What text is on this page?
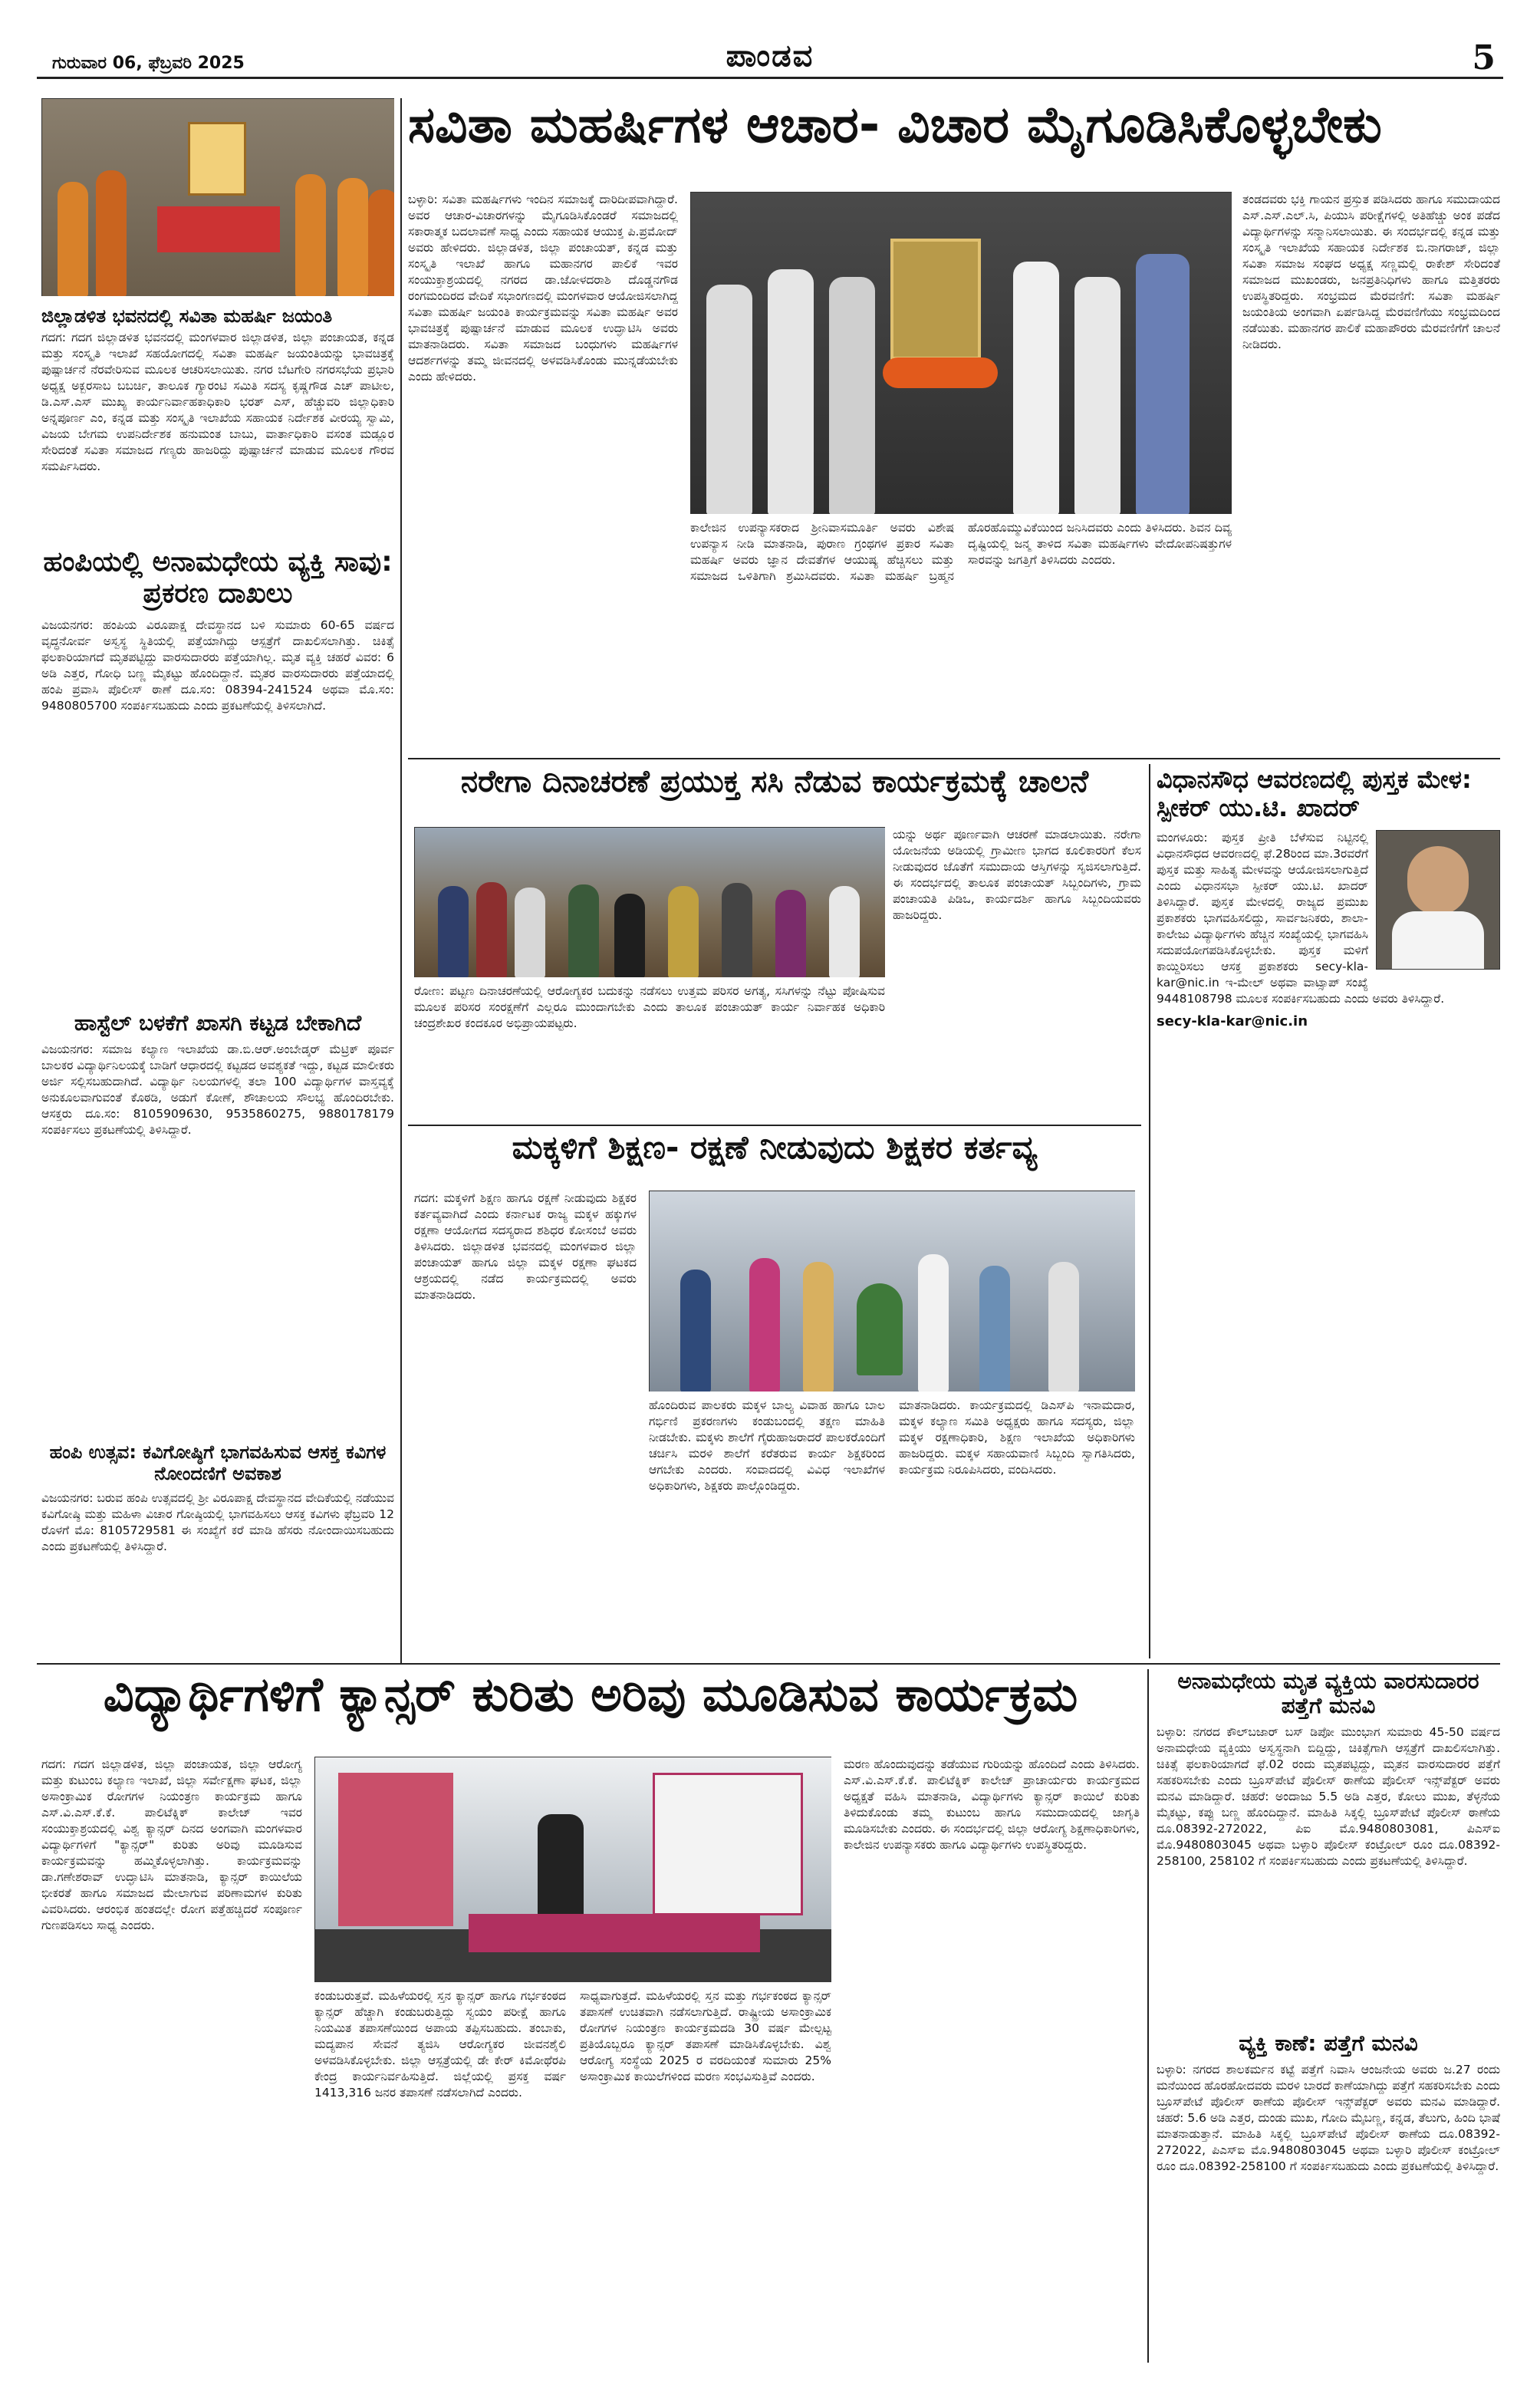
ಗುರುವಾರ 06, ಫೆಬ್ರವರಿ 2025	ಪಾಂಡವ	5
ಜಿಲ್ಲಾಡಳಿತ ಭವನದಲ್ಲಿ ಸವಿತಾ ಮಹರ್ಷಿ ಜಯಂತಿ

ಗದಗ: ಗದಗ ಜಿಲ್ಲಾಡಳಿತ ಭವನದಲ್ಲಿ ಮಂಗಳವಾರ ಜಿಲ್ಲಾಡಳಿತ, ಜಿಲ್ಲಾ ಪಂಚಾಯತ, ಕನ್ನಡ ಮತ್ತು ಸಂಸ್ಕೃತಿ ಇಲಾಖೆ ಸಹಯೋಗದಲ್ಲಿ ಸವಿತಾ ಮಹರ್ಷಿ ಜಯಂತಿಯನ್ನು ಭಾವಚಿತ್ರಕ್ಕೆ ಪುಷ್ಪಾರ್ಚನೆ ನೆರವೇರಿಸುವ ಮೂಲಕ ಆಚರಿಸಲಾಯಿತು. ನಗರ ಬೆಟಗೇರಿ ನಗರಸಭೆಯ ಪ್ರಭಾರಿ ಅಧ್ಯಕ್ಷ ಅಕ್ಬರಸಾಬ ಬಬರ್ಚಿ, ತಾಲೂಕ ಗ್ಯಾರಂಟಿ ಸಮಿತಿ ಸದಸ್ಯ ಕೃಷ್ಣಗೌಡ ಎಚ್ ಪಾಟೀಲ, ಡಿ.ಎಸ್.ಎಸ್ ಮುಖ್ಯ ಕಾರ್ಯನಿರ್ವಾಹಕಾಧಿಕಾರಿ ಭರತ್ ಎಸ್, ಹೆಚ್ಚುವರಿ ಜಿಲ್ಲಾಧಿಕಾರಿ ಅನ್ನಪೂರ್ಣ ಎಂ, ಕನ್ನಡ ಮತ್ತು ಸಂಸ್ಕೃತಿ ಇಲಾಖೆಯ ಸಹಾಯಕ ನಿರ್ದೇಶಕ ವೀರಯ್ಯ ಸ್ವಾಮಿ, ವಿಜಯ ಬೇಗಮ ಉಪನಿರ್ದೇಶಕ ಹನುಮಂತ ಬಾಬು, ವಾರ್ತಾಧಿಕಾರಿ ವಸಂತ ಮಡ್ಲೂರ ಸೇರಿದಂತೆ ಸವಿತಾ ಸಮಾಜದ ಗಣ್ಯರು ಹಾಜರಿದ್ದು ಪುಷ್ಪಾರ್ಚನೆ ಮಾಡುವ ಮೂಲಕ ಗೌರವ ಸಮರ್ಪಿಸಿದರು.

ಹಂಪಿಯಲ್ಲಿ ಅನಾಮಧೇಯ ವ್ಯಕ್ತಿ ಸಾವು: ಪ್ರಕರಣ ದಾಖಲು

ವಿಜಯನಗರ: ಹಂಪಿಯ ವಿರೂಪಾಕ್ಷ ದೇವಸ್ಥಾನದ ಬಳಿ ಸುಮಾರು 60-65 ವರ್ಷದ ವೃದ್ಧನೋರ್ವ ಅಸ್ವಸ್ಥ ಸ್ಥಿತಿಯಲ್ಲಿ ಪತ್ತೆಯಾಗಿದ್ದು ಆಸ್ಪತ್ರೆಗೆ ದಾಖಲಿಸಲಾಗಿತ್ತು. ಚಿಕಿತ್ಸೆ ಫಲಕಾರಿಯಾಗದೆ ಮೃತಪಟ್ಟಿದ್ದು ವಾರಸುದಾರರು ಪತ್ತೆಯಾಗಿಲ್ಲ. ಮೃತ ವ್ಯಕ್ತಿ ಚಹರೆ ವಿವರ: 6 ಅಡಿ ಎತ್ತರ, ಗೋಧಿ ಬಣ್ಣ ಮೈಕಟ್ಟು ಹೊಂದಿದ್ದಾನೆ. ಮೃತರ ವಾರಸುದಾರರು ಪತ್ತೆಯಾದಲ್ಲಿ ಹಂಪಿ ಪ್ರವಾಸಿ ಪೊಲೀಸ್ ಠಾಣೆ ದೂ.ಸಂ: 08394-241524 ಅಥವಾ ಮೊ.ಸಂ: 9480805700 ಸಂಪರ್ಕಿಸಬಹುದು ಎಂದು ಪ್ರಕಟಣೆಯಲ್ಲಿ ತಿಳಿಸಲಾಗಿದೆ.

ಹಾಸ್ಟೆಲ್ ಬಳಕೆಗೆ ಖಾಸಗಿ ಕಟ್ಟಡ ಬೇಕಾಗಿದೆ

ವಿಜಯನಗರ: ಸಮಾಜ ಕಲ್ಯಾಣ ಇಲಾಖೆಯ ಡಾ.ಬಿ.ಆರ್.ಅಂಬೇಡ್ಕರ್ ಮೆಟ್ರಿಕ್ ಪೂರ್ವ ಬಾಲಕರ ವಿದ್ಯಾರ್ಥಿನಿಲಯಕ್ಕೆ ಬಾಡಿಗೆ ಆಧಾರದಲ್ಲಿ ಕಟ್ಟಡದ ಅವಶ್ಯಕತೆ ಇದ್ದು, ಕಟ್ಟಡ ಮಾಲೀಕರು ಅರ್ಜಿ ಸಲ್ಲಿಸಬಹುದಾಗಿದೆ. ವಿದ್ಯಾರ್ಥಿ ನಿಲಯಗಳಲ್ಲಿ ತಲಾ 100 ವಿದ್ಯಾರ್ಥಿಗಳ ವಾಸ್ತವ್ಯಕ್ಕೆ ಅನುಕೂಲವಾಗುವಂತೆ ಕೊಠಡಿ, ಅಡುಗೆ ಕೋಣೆ, ಶೌಚಾಲಯ ಸೌಲಭ್ಯ ಹೊಂದಿರಬೇಕು. ಆಸಕ್ತರು ದೂ.ಸಂ: 8105909630, 9535860275, 9880178179 ಸಂಪರ್ಕಿಸಲು ಪ್ರಕಟಣೆಯಲ್ಲಿ ತಿಳಿಸಿದ್ದಾರೆ.

ಹಂಪಿ ಉತ್ಸವ: ಕವಿಗೋಷ್ಠಿಗೆ ಭಾಗವಹಿಸುವ ಆಸಕ್ತ ಕವಿಗಳ ನೋಂದಣಿಗೆ ಅವಕಾಶ

ವಿಜಯನಗರ: ಬರುವ ಹಂಪಿ ಉತ್ಸವದಲ್ಲಿ ಶ್ರೀ ವಿರೂಪಾಕ್ಷ ದೇವಸ್ಥಾನದ ವೇದಿಕೆಯಲ್ಲಿ ನಡೆಯುವ ಕವಿಗೋಷ್ಠಿ ಮತ್ತು ಮಹಿಳಾ ವಿಚಾರ ಗೋಷ್ಠಿಯಲ್ಲಿ ಭಾಗವಹಿಸಲು ಆಸಕ್ತ ಕವಿಗಳು ಫೆಬ್ರವರಿ 12 ರೊಳಗೆ ಮೊ: 8105729581 ಈ ಸಂಖ್ಯೆಗೆ ಕರೆ ಮಾಡಿ ಹೆಸರು ನೋಂದಾಯಿಸಬಹುದು ಎಂದು ಪ್ರಕಟಣೆಯಲ್ಲಿ ತಿಳಿಸಿದ್ದಾರೆ.

ಸವಿತಾ ಮಹರ್ಷಿಗಳ ಆಚಾರ- ವಿಚಾರ ಮೈಗೂಡಿಸಿಕೊಳ್ಳಬೇಕು

ಬಳ್ಳಾರಿ: ಸವಿತಾ ಮಹರ್ಷಿಗಳು ಇಂದಿನ ಸಮಾಜಕ್ಕೆ ದಾರಿದೀಪವಾಗಿದ್ದಾರೆ. ಅವರ ಆಚಾರ-ವಿಚಾರಗಳನ್ನು ಮೈಗೂಡಿಸಿಕೊಂಡರೆ ಸಮಾಜದಲ್ಲಿ ಸಕಾರಾತ್ಮಕ ಬದಲಾವಣೆ ಸಾಧ್ಯ ಎಂದು ಸಹಾಯಕ ಆಯುಕ್ತ ಪಿ.ಪ್ರಮೋದ್ ಅವರು ಹೇಳಿದರು. ಜಿಲ್ಲಾಡಳಿತ, ಜಿಲ್ಲಾ ಪಂಚಾಯತ್, ಕನ್ನಡ ಮತ್ತು ಸಂಸ್ಕೃತಿ ಇಲಾಖೆ ಹಾಗೂ ಮಹಾನಗರ ಪಾಲಿಕೆ ಇವರ ಸಂಯುಕ್ತಾಶ್ರಯದಲ್ಲಿ ನಗರದ ಡಾ.ಜೋಳದರಾಶಿ ದೊಡ್ಡನಗೌಡ ರಂಗಮಂದಿರದ ವೇದಿಕೆ ಸಭಾಂಗಣದಲ್ಲಿ ಮಂಗಳವಾರ ಆಯೋಜಿಸಲಾಗಿದ್ದ ಸವಿತಾ ಮಹರ್ಷಿ ಜಯಂತಿ ಕಾರ್ಯಕ್ರಮವನ್ನು ಸವಿತಾ ಮಹರ್ಷಿ ಅವರ ಭಾವಚಿತ್ರಕ್ಕೆ ಪುಷ್ಪಾರ್ಚನೆ ಮಾಡುವ ಮೂಲಕ ಉದ್ಘಾಟಿಸಿ ಅವರು ಮಾತನಾಡಿದರು. ಸವಿತಾ ಸಮಾಜದ ಬಂಧುಗಳು ಮಹರ್ಷಿಗಳ ಆದರ್ಶಗಳನ್ನು ತಮ್ಮ ಜೀವನದಲ್ಲಿ ಅಳವಡಿಸಿಕೊಂಡು ಮುನ್ನಡೆಯಬೇಕು ಎಂದು ಹೇಳಿದರು.

ಕಾಲೇಜಿನ ಉಪನ್ಯಾಸಕರಾದ ಶ್ರೀನಿವಾಸಮೂರ್ತಿ ಅವರು ವಿಶೇಷ ಉಪನ್ಯಾಸ ನೀಡಿ ಮಾತನಾಡಿ, ಪುರಾಣ ಗ್ರಂಥಗಳ ಪ್ರಕಾರ ಸವಿತಾ ಮಹರ್ಷಿ ಅವರು ಜ್ಞಾನ ದೇವತೆಗಳ ಆಯುಷ್ಯ ಹೆಚ್ಚಿಸಲು ಮತ್ತು ಸಮಾಜದ ಒಳಿತಿಗಾಗಿ ಶ್ರಮಿಸಿದವರು. ಸವಿತಾ ಮಹರ್ಷಿ ಬ್ರಹ್ಮನ ಹೊರಹೊಮ್ಮುವಿಕೆಯಿಂದ ಜನಿಸಿದವರು ಎಂದು ತಿಳಿಸಿದರು. ಶಿವನ ದಿವ್ಯ ದೃಷ್ಟಿಯಲ್ಲಿ ಜನ್ಮ ತಾಳಿದ ಸವಿತಾ ಮಹರ್ಷಿಗಳು ವೇದೋಪನಿಷತ್ತುಗಳ ಸಾರವನ್ನು ಜಗತ್ತಿಗೆ ತಿಳಿಸಿದರು ಎಂದರು.

ತಂಡದವರು ಭಕ್ತಿ ಗಾಯನ ಪ್ರಸ್ತುತ ಪಡಿಸಿದರು ಹಾಗೂ ಸಮುದಾಯದ ಎಸ್.ಎಸ್.ಎಲ್.ಸಿ, ಪಿಯುಸಿ ಪರೀಕ್ಷೆಗಳಲ್ಲಿ ಅತಿಹೆಚ್ಚು ಅಂಕ ಪಡೆದ ವಿದ್ಯಾರ್ಥಿಗಳನ್ನು ಸನ್ಮಾನಿಸಲಾಯಿತು. ಈ ಸಂದರ್ಭದಲ್ಲಿ ಕನ್ನಡ ಮತ್ತು ಸಂಸ್ಕೃತಿ ಇಲಾಖೆಯ ಸಹಾಯಕ ನಿರ್ದೇಶಕ ಬಿ.ನಾಗರಾಜ್, ಜಿಲ್ಲಾ ಸವಿತಾ ಸಮಾಜ ಸಂಘದ ಅಧ್ಯಕ್ಷ ಸಣ್ಣಮಲ್ಲಿ ರಾಕೇಶ್ ಸೇರಿದಂತೆ ಸಮಾಜದ ಮುಖಂಡರು, ಜನಪ್ರತಿನಿಧಿಗಳು ಹಾಗೂ ಮತ್ತಿತರರು ಉಪಸ್ಥಿತರಿದ್ದರು. ಸಂಭ್ರಮದ ಮೆರವಣಿಗೆ: ಸವಿತಾ ಮಹರ್ಷಿ ಜಯಂತಿಯ ಅಂಗವಾಗಿ ಏರ್ಪಡಿಸಿದ್ದ ಮೆರವಣಿಗೆಯು ಸಂಭ್ರಮದಿಂದ ನಡೆಯಿತು. ಮಹಾನಗರ ಪಾಲಿಕೆ ಮಹಾಪೌರರು ಮೆರವಣಿಗೆಗೆ ಚಾಲನೆ ನೀಡಿದರು.

ನರೇಗಾ ದಿನಾಚರಣೆ ಪ್ರಯುಕ್ತ ಸಸಿ ನೆಡುವ ಕಾರ್ಯಕ್ರಮಕ್ಕೆ ಚಾಲನೆ

ಯನ್ನು ಅರ್ಥ ಪೂರ್ಣವಾಗಿ ಆಚರಣೆ ಮಾಡಲಾಯಿತು. ನರೇಗಾ ಯೋಜನೆಯ ಅಡಿಯಲ್ಲಿ ಗ್ರಾಮೀಣ ಭಾಗದ ಕೂಲಿಕಾರರಿಗೆ ಕೆಲಸ ನೀಡುವುದರ ಜೊತೆಗೆ ಸಮುದಾಯ ಆಸ್ತಿಗಳನ್ನು ಸೃಜಿಸಲಾಗುತ್ತಿದೆ. ಈ ಸಂದರ್ಭದಲ್ಲಿ ತಾಲೂಕ ಪಂಚಾಯತ್ ಸಿಬ್ಬಂದಿಗಳು, ಗ್ರಾಮ ಪಂಚಾಯತಿ ಪಿಡಿಒ, ಕಾರ್ಯದರ್ಶಿ ಹಾಗೂ ಸಿಬ್ಬಂದಿಯವರು ಹಾಜರಿದ್ದರು.

ರೋಣ: ಪಟ್ಟಣ ದಿನಾಚರಣೆಯಲ್ಲಿ ಆರೋಗ್ಯಕರ ಬದುಕನ್ನು ನಡೆಸಲು ಉತ್ತಮ ಪರಿಸರ ಅಗತ್ಯ, ಸಸಿಗಳನ್ನು ನೆಟ್ಟು ಪೋಷಿಸುವ ಮೂಲಕ ಪರಿಸರ ಸಂರಕ್ಷಣೆಗೆ ಎಲ್ಲರೂ ಮುಂದಾಗಬೇಕು ಎಂದು ತಾಲೂಕ ಪಂಚಾಯತ್ ಕಾರ್ಯ ನಿರ್ವಾಹಕ ಅಧಿಕಾರಿ ಚಂದ್ರಶೇಖರ ಕಂದಕೂರ ಅಭಿಪ್ರಾಯಪಟ್ಟರು.

ಮಕ್ಕಳಿಗೆ ಶಿಕ್ಷಣ- ರಕ್ಷಣೆ ನೀಡುವುದು ಶಿಕ್ಷಕರ ಕರ್ತವ್ಯ

ಗದಗ: ಮಕ್ಕಳಿಗೆ ಶಿಕ್ಷಣ ಹಾಗೂ ರಕ್ಷಣೆ ನೀಡುವುದು ಶಿಕ್ಷಕರ ಕರ್ತವ್ಯವಾಗಿದೆ ಎಂದು ಕರ್ನಾಟಕ ರಾಜ್ಯ ಮಕ್ಕಳ ಹಕ್ಕುಗಳ ರಕ್ಷಣಾ ಆಯೋಗದ ಸದಸ್ಯರಾದ ಶಶಿಧರ ಕೋಸಂಬೆ ಅವರು ತಿಳಿಸಿದರು. ಜಿಲ್ಲಾಡಳಿತ ಭವನದಲ್ಲಿ ಮಂಗಳವಾರ ಜಿಲ್ಲಾ ಪಂಚಾಯತ್ ಹಾಗೂ ಜಿಲ್ಲಾ ಮಕ್ಕಳ ರಕ್ಷಣಾ ಘಟಕದ ಆಶ್ರಯದಲ್ಲಿ ನಡೆದ ಕಾರ್ಯಕ್ರಮದಲ್ಲಿ ಅವರು ಮಾತನಾಡಿದರು.

ಹೊಂದಿರುವ ಪಾಲಕರು ಮಕ್ಕಳ ಬಾಲ್ಯ ವಿವಾಹ ಹಾಗೂ ಬಾಲ ಗರ್ಭಿಣಿ ಪ್ರಕರಣಗಳು ಕಂಡುಬಂದಲ್ಲಿ ತಕ್ಷಣ ಮಾಹಿತಿ ನೀಡಬೇಕು. ಮಕ್ಕಳು ಶಾಲೆಗೆ ಗೈರುಹಾಜರಾದರೆ ಪಾಲಕರೊಂದಿಗೆ ಚರ್ಚಿಸಿ ಮರಳಿ ಶಾಲೆಗೆ ಕರೆತರುವ ಕಾರ್ಯ ಶಿಕ್ಷಕರಿಂದ ಆಗಬೇಕು ಎಂದರು. ಸಂವಾದದಲ್ಲಿ ವಿವಿಧ ಇಲಾಖೆಗಳ ಅಧಿಕಾರಿಗಳು, ಶಿಕ್ಷಕರು ಪಾಲ್ಗೊಂಡಿದ್ದರು.

ಮಾತನಾಡಿದರು. ಕಾರ್ಯಕ್ರಮದಲ್ಲಿ ಡಿಎಸ್‌ಪಿ ಇನಾಮದಾರ, ಮಕ್ಕಳ ಕಲ್ಯಾಣ ಸಮಿತಿ ಅಧ್ಯಕ್ಷರು ಹಾಗೂ ಸದಸ್ಯರು, ಜಿಲ್ಲಾ ಮಕ್ಕಳ ರಕ್ಷಣಾಧಿಕಾರಿ, ಶಿಕ್ಷಣ ಇಲಾಖೆಯ ಅಧಿಕಾರಿಗಳು ಹಾಜರಿದ್ದರು. ಮಕ್ಕಳ ಸಹಾಯವಾಣಿ ಸಿಬ್ಬಂದಿ ಸ್ವಾಗತಿಸಿದರು, ಕಾರ್ಯಕ್ರಮ ನಿರೂಪಿಸಿದರು, ವಂದಿಸಿದರು.

ವಿಧಾನಸೌಧ ಆವರಣದಲ್ಲಿ ಪುಸ್ತಕ ಮೇಳ: ಸ್ಪೀಕರ್ ಯು.ಟಿ. ಖಾದರ್

ಮಂಗಳೂರು: ಪುಸ್ತಕ ಪ್ರೀತಿ ಬೆಳೆಸುವ ನಿಟ್ಟಿನಲ್ಲಿ ವಿಧಾನಸೌಧದ ಆವರಣದಲ್ಲಿ ಫೆ.28ರಿಂದ ಮಾ.3ರವರೆಗೆ ಪುಸ್ತಕ ಮತ್ತು ಸಾಹಿತ್ಯ ಮೇಳವನ್ನು ಆಯೋಜಿಸಲಾಗುತ್ತಿದೆ ಎಂದು ವಿಧಾನಸಭಾ ಸ್ಪೀಕರ್ ಯು.ಟಿ. ಖಾದರ್ ತಿಳಿಸಿದ್ದಾರೆ. ಪುಸ್ತಕ ಮೇಳದಲ್ಲಿ ರಾಜ್ಯದ ಪ್ರಮುಖ ಪ್ರಕಾಶಕರು ಭಾಗವಹಿಸಲಿದ್ದು, ಸಾರ್ವಜನಿಕರು, ಶಾಲಾ-ಕಾಲೇಜು ವಿದ್ಯಾರ್ಥಿಗಳು ಹೆಚ್ಚಿನ ಸಂಖ್ಯೆಯಲ್ಲಿ ಭಾಗವಹಿಸಿ ಸದುಪಯೋಗಪಡಿಸಿಕೊಳ್ಳಬೇಕು. ಪುಸ್ತಕ ಮಳಿಗೆ ಕಾಯ್ದಿರಿಸಲು ಆಸಕ್ತ ಪ್ರಕಾಶಕರು secy-kla-kar@nic.in ಇ-ಮೇಲ್ ಅಥವಾ ವಾಟ್ಸಾಪ್ ಸಂಖ್ಯೆ 9448108798 ಮೂಲಕ ಸಂಪರ್ಕಿಸಬಹುದು ಎಂದು ಅವರು ತಿಳಿಸಿದ್ದಾರೆ.

secy-kla-kar@nic.in
ವಿದ್ಯಾರ್ಥಿಗಳಿಗೆ ಕ್ಯಾನ್ಸರ್ ಕುರಿತು ಅರಿವು ಮೂಡಿಸುವ ಕಾರ್ಯಕ್ರಮ

ಗದಗ: ಗದಗ ಜಿಲ್ಲಾಡಳಿತ, ಜಿಲ್ಲಾ ಪಂಚಾಯತ, ಜಿಲ್ಲಾ ಆರೋಗ್ಯ ಮತ್ತು ಕುಟುಂಬ ಕಲ್ಯಾಣ ಇಲಾಖೆ, ಜಿಲ್ಲಾ ಸರ್ವೇಕ್ಷಣಾ ಘಟಕ, ಜಿಲ್ಲಾ ಅಸಾಂಕ್ರಾಮಿಕ ರೋಗಗಳ ನಿಯಂತ್ರಣ ಕಾರ್ಯಕ್ರಮ ಹಾಗೂ ಎಸ್.ವಿ.ಎಸ್.ಕೆ.ಕೆ. ಪಾಲಿಟೆಕ್ನಿಕ್ ಕಾಲೇಜ್ ಇವರ ಸಂಯುಕ್ತಾಶ್ರಯದಲ್ಲಿ ವಿಶ್ವ ಕ್ಯಾನ್ಸರ್ ದಿನದ ಅಂಗವಾಗಿ ಮಂಗಳವಾರ ವಿದ್ಯಾರ್ಥಿಗಳಿಗೆ "ಕ್ಯಾನ್ಸರ್" ಕುರಿತು ಅರಿವು ಮೂಡಿಸುವ ಕಾರ್ಯಕ್ರಮವನ್ನು ಹಮ್ಮಿಕೊಳ್ಳಲಾಗಿತ್ತು. ಕಾರ್ಯಕ್ರಮವನ್ನು ಡಾ.ಗಣೇಶರಾವ್ ಉದ್ಘಾಟಿಸಿ ಮಾತನಾಡಿ, ಕ್ಯಾನ್ಸರ್ ಕಾಯಿಲೆಯ ಭೀಕರತೆ ಹಾಗೂ ಸಮಾಜದ ಮೇಲಾಗುವ ಪರಿಣಾಮಗಳ ಕುರಿತು ವಿವರಿಸಿದರು. ಆರಂಭಿಕ ಹಂತದಲ್ಲೇ ರೋಗ ಪತ್ತೆಹಚ್ಚಿದರೆ ಸಂಪೂರ್ಣ ಗುಣಪಡಿಸಲು ಸಾಧ್ಯ ಎಂದರು.

ಕಂಡುಬರುತ್ತವೆ. ಮಹಿಳೆಯರಲ್ಲಿ ಸ್ತನ ಕ್ಯಾನ್ಸರ್ ಹಾಗೂ ಗರ್ಭಕಂಠದ ಕ್ಯಾನ್ಸರ್ ಹೆಚ್ಚಾಗಿ ಕಂಡುಬರುತ್ತಿದ್ದು ಸ್ವಯಂ ಪರೀಕ್ಷೆ ಹಾಗೂ ನಿಯಮಿತ ತಪಾಸಣೆಯಿಂದ ಅಪಾಯ ತಪ್ಪಿಸಬಹುದು. ತಂಬಾಕು, ಮದ್ಯಪಾನ ಸೇವನೆ ತ್ಯಜಿಸಿ ಆರೋಗ್ಯಕರ ಜೀವನಶೈಲಿ ಅಳವಡಿಸಿಕೊಳ್ಳಬೇಕು. ಜಿಲ್ಲಾ ಆಸ್ಪತ್ರೆಯಲ್ಲಿ ಡೇ ಕೇರ್ ಕಿಮೋಥೆರಪಿ ಕೇಂದ್ರ ಕಾರ್ಯನಿರ್ವಹಿಸುತ್ತಿದೆ. ಜಿಲ್ಲೆಯಲ್ಲಿ ಪ್ರಸಕ್ತ ವರ್ಷ 1413,316 ಜನರ ತಪಾಸಣೆ ನಡೆಸಲಾಗಿದೆ ಎಂದರು.

ಸಾಧ್ಯವಾಗುತ್ತದೆ. ಮಹಿಳೆಯರಲ್ಲಿ ಸ್ತನ ಮತ್ತು ಗರ್ಭಕಂಠದ ಕ್ಯಾನ್ಸರ್ ತಪಾಸಣೆ ಉಚಿತವಾಗಿ ನಡೆಸಲಾಗುತ್ತಿದೆ. ರಾಷ್ಟ್ರೀಯ ಅಸಾಂಕ್ರಾಮಿಕ ರೋಗಗಳ ನಿಯಂತ್ರಣ ಕಾರ್ಯಕ್ರಮದಡಿ 30 ವರ್ಷ ಮೇಲ್ಪಟ್ಟ ಪ್ರತಿಯೊಬ್ಬರೂ ಕ್ಯಾನ್ಸರ್ ತಪಾಸಣೆ ಮಾಡಿಸಿಕೊಳ್ಳಬೇಕು. ವಿಶ್ವ ಆರೋಗ್ಯ ಸಂಸ್ಥೆಯ 2025 ರ ವರದಿಯಂತೆ ಸುಮಾರು 25% ಅಸಾಂಕ್ರಾಮಿಕ ಕಾಯಿಲೆಗಳಿಂದ ಮರಣ ಸಂಭವಿಸುತ್ತಿವೆ ಎಂದರು.

ಮರಣ ಹೊಂದುವುದನ್ನು ತಡೆಯುವ ಗುರಿಯನ್ನು ಹೊಂದಿದೆ ಎಂದು ತಿಳಿಸಿದರು. ಎಸ್.ವಿ.ಎಸ್.ಕೆ.ಕೆ. ಪಾಲಿಟೆಕ್ನಿಕ್ ಕಾಲೇಜ್ ಪ್ರಾಚಾರ್ಯರು ಕಾರ್ಯಕ್ರಮದ ಅಧ್ಯಕ್ಷತೆ ವಹಿಸಿ ಮಾತನಾಡಿ, ವಿದ್ಯಾರ್ಥಿಗಳು ಕ್ಯಾನ್ಸರ್ ಕಾಯಿಲೆ ಕುರಿತು ತಿಳಿದುಕೊಂಡು ತಮ್ಮ ಕುಟುಂಬ ಹಾಗೂ ಸಮುದಾಯದಲ್ಲಿ ಜಾಗೃತಿ ಮೂಡಿಸಬೇಕು ಎಂದರು. ಈ ಸಂದರ್ಭದಲ್ಲಿ ಜಿಲ್ಲಾ ಆರೋಗ್ಯ ಶಿಕ್ಷಣಾಧಿಕಾರಿಗಳು, ಕಾಲೇಜಿನ ಉಪನ್ಯಾಸಕರು ಹಾಗೂ ವಿದ್ಯಾರ್ಥಿಗಳು ಉಪಸ್ಥಿತರಿದ್ದರು.

ಅನಾಮಧೇಯ ಮೃತ ವ್ಯಕ್ತಿಯ ವಾರಸುದಾರರ ಪತ್ತೆಗೆ ಮನವಿ

ಬಳ್ಳಾರಿ: ನಗರದ ಕೌಲ್‌ಬಜಾರ್ ಬಸ್ ಡಿಪೋ ಮುಂಭಾಗ ಸುಮಾರು 45-50 ವರ್ಷದ ಅನಾಮಧೇಯ ವ್ಯಕ್ತಿಯು ಅಸ್ವಸ್ಥನಾಗಿ ಬಿದ್ದಿದ್ದು, ಚಿಕಿತ್ಸೆಗಾಗಿ ಆಸ್ಪತ್ರೆಗೆ ದಾಖಲಿಸಲಾಗಿತ್ತು. ಚಿಕಿತ್ಸೆ ಫಲಕಾರಿಯಾಗದೆ ಫೆ.02 ರಂದು ಮೃತಪಟ್ಟಿದ್ದು, ಮೃತನ ವಾರಸುದಾರರ ಪತ್ತೆಗೆ ಸಹಕರಿಸಬೇಕು ಎಂದು ಬ್ರೂಸ್‌ಪೇಟೆ ಪೊಲೀಸ್ ಠಾಣೆಯ ಪೊಲೀಸ್ ಇನ್ಸ್‌ಪೆಕ್ಟರ್ ಅವರು ಮನವಿ ಮಾಡಿದ್ದಾರೆ. ಚಹರೆ: ಅಂದಾಜು 5.5 ಅಡಿ ಎತ್ತರ, ಕೋಲು ಮುಖ, ತೆಳ್ಳನೆಯ ಮೈಕಟ್ಟು, ಕಪ್ಪು ಬಣ್ಣ ಹೊಂದಿದ್ದಾನೆ. ಮಾಹಿತಿ ಸಿಕ್ಕಲ್ಲಿ ಬ್ರೂಸ್‌ಪೇಟೆ ಪೊಲೀಸ್ ಠಾಣೆಯ ದೂ.08392-272022, ಪಿಐ ಮೊ.9480803081, ಪಿಎಸ್‌ಐ ಮೊ.9480803045 ಅಥವಾ ಬಳ್ಳಾರಿ ಪೊಲೀಸ್ ಕಂಟ್ರೋಲ್ ರೂಂ ದೂ.08392-258100, 258102 ಗೆ ಸಂಪರ್ಕಿಸಬಹುದು ಎಂದು ಪ್ರಕಟಣೆಯಲ್ಲಿ ತಿಳಿಸಿದ್ದಾರೆ.

ವ್ಯಕ್ತಿ ಕಾಣೆ: ಪತ್ತೆಗೆ ಮನವಿ

ಬಳ್ಳಾರಿ: ನಗರದ ಶಾಲಕರ್ಮನ ಕಟ್ಟೆ ಪತ್ತೆಗೆ ನಿವಾಸಿ ಆಂಜನೇಯ ಅವರು ಜ.27 ರಂದು ಮನೆಯಿಂದ ಹೊರಹೋದವರು ಮರಳಿ ಬಾರದೆ ಕಾಣೆಯಾಗಿದ್ದು ಪತ್ತೆಗೆ ಸಹಕರಿಸಬೇಕು ಎಂದು ಬ್ರೂಸ್‌ಪೇಟೆ ಪೊಲೀಸ್ ಠಾಣೆಯ ಪೊಲೀಸ್ ಇನ್ಸ್‌ಪೆಕ್ಟರ್ ಅವರು ಮನವಿ ಮಾಡಿದ್ದಾರೆ. ಚಹರೆ: 5.6 ಅಡಿ ಎತ್ತರ, ದುಂಡು ಮುಖ, ಗೋದಿ ಮೈಬಣ್ಣ, ಕನ್ನಡ, ತೆಲುಗು, ಹಿಂದಿ ಭಾಷೆ ಮಾತನಾಡುತ್ತಾನೆ. ಮಾಹಿತಿ ಸಿಕ್ಕಲ್ಲಿ ಬ್ರೂಸ್‌ಪೇಟೆ ಪೊಲೀಸ್ ಠಾಣೆಯ ದೂ.08392-272022, ಪಿಎಸ್‌ಐ ಮೊ.9480803045 ಅಥವಾ ಬಳ್ಳಾರಿ ಪೊಲೀಸ್ ಕಂಟ್ರೋಲ್ ರೂಂ ದೂ.08392-258100 ಗೆ ಸಂಪರ್ಕಿಸಬಹುದು ಎಂದು ಪ್ರಕಟಣೆಯಲ್ಲಿ ತಿಳಿಸಿದ್ದಾರೆ.
